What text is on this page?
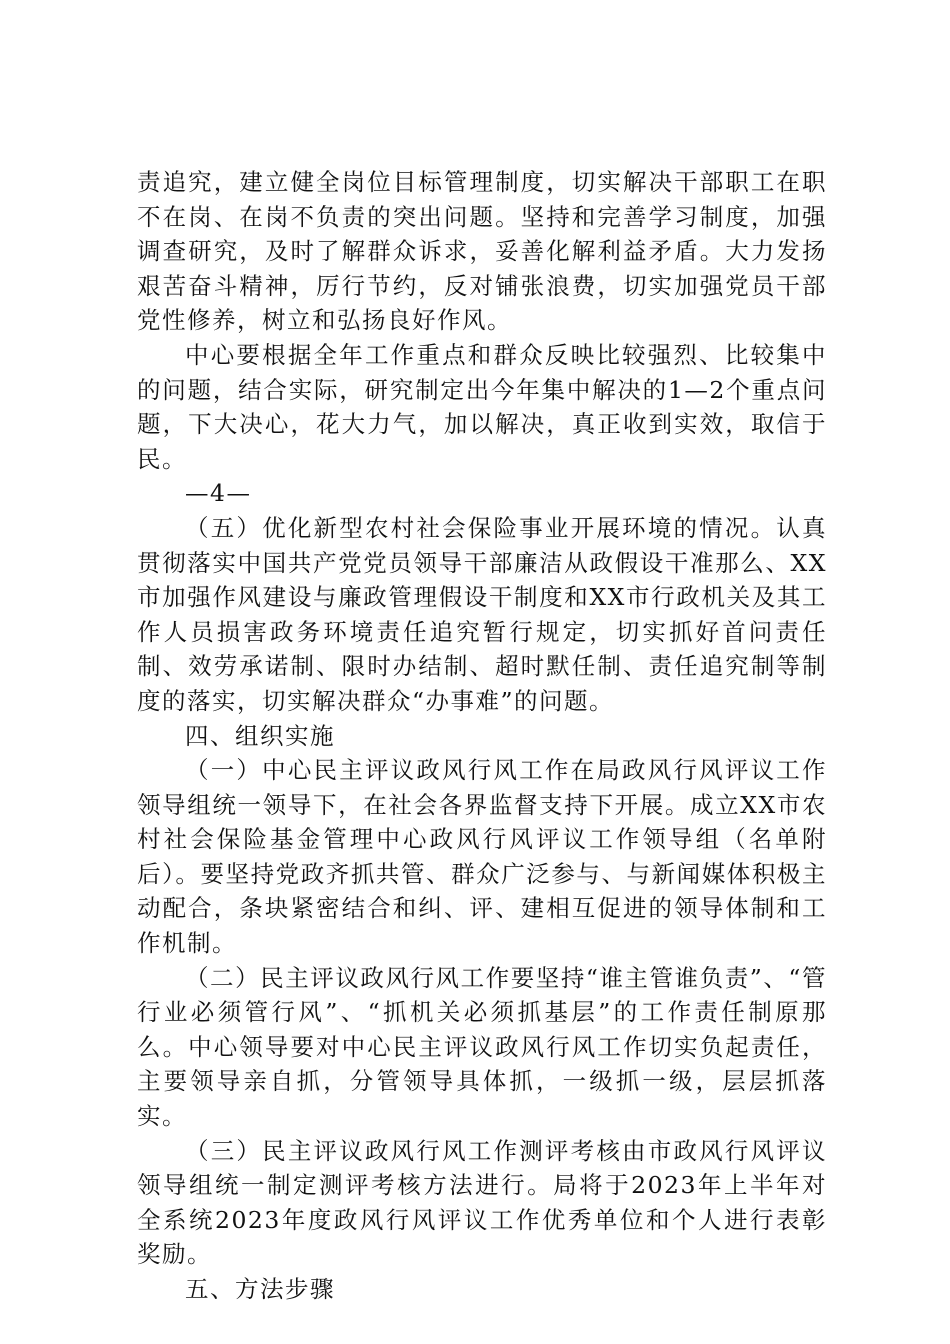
责追究，建立健全岗位目标管理制度，切实解决干部职工在职不在岗、在岗不负责的突出问题。坚持和完善学习制度，加强调查研究，及时了解群众诉求，妥善化解利益矛盾。大力发扬艰苦奋斗精神，厉行节约，反对铺张浪费，切实加强党员干部党性修养，树立和弘扬良好作风。

中心要根据全年工作重点和群众反映比较强烈、比较集中的问题，结合实际，研究制定出今年集中解决的1—2个重点问题，下大决心，花大力气，加以解决，真正收到实效，取信于民。

—4—

（五）优化新型农村社会保险事业开展环境的情况。认真贯彻落实中国共产党党员领导干部廉洁从政假设干准那么、XX市加强作风建设与廉政管理假设干制度和XX市行政机关及其工作人员损害政务环境责任追究暂行规定，切实抓好首问责任制、效劳承诺制、限时办结制、超时默任制、责任追究制等制度的落实，切实解决群众“办事难”的问题。

四、组织实施

（一）中心民主评议政风行风工作在局政风行风评议工作领导组统一领导下，在社会各界监督支持下开展。成立XX市农村社会保险基金管理中心政风行风评议工作领导组（名单附后）。要坚持党政齐抓共管、群众广泛参与、与新闻媒体积极主动配合，条块紧密结合和纠、评、建相互促进的领导体制和工作机制。

（二）民主评议政风行风工作要坚持“谁主管谁负责”、“管行业必须管行风”、“抓机关必须抓基层”的工作责任制原那么。中心领导要对中心民主评议政风行风工作切实负起责任，主要领导亲自抓，分管领导具体抓，一级抓一级，层层抓落实。

（三）民主评议政风行风工作测评考核由市政风行风评议领导组统一制定测评考核方法进行。局将于2023年上半年对全系统2023年度政风行风评议工作优秀单位和个人进行表彰奖励。

五、方法步骤
